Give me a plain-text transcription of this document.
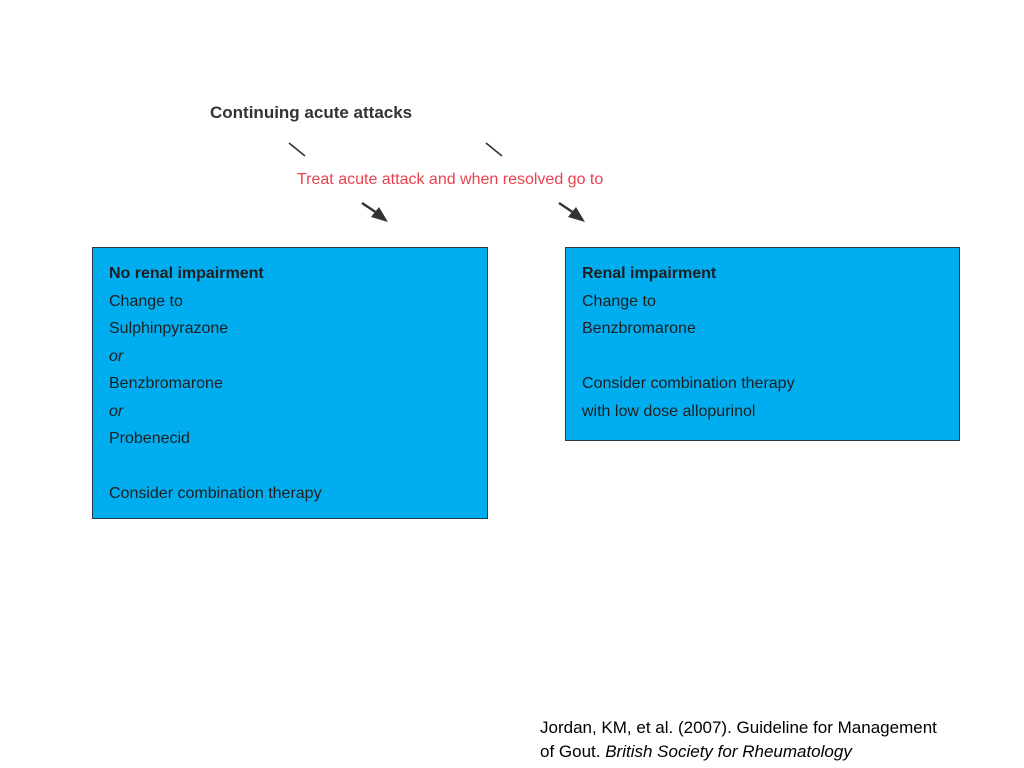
Continuing acute attacks
Treat acute attack and when resolved go to
No renal impairment
Change to
Sulphinpyrazone
or
Benzbromarone
or
Probenecid
Consider combination therapy
Renal impairment
Change to
Benzbromarone
Consider combination therapy
with low dose allopurinol
Jordan, KM, et al. (2007). Guideline for Management
of Gout. British Society for Rheumatology
